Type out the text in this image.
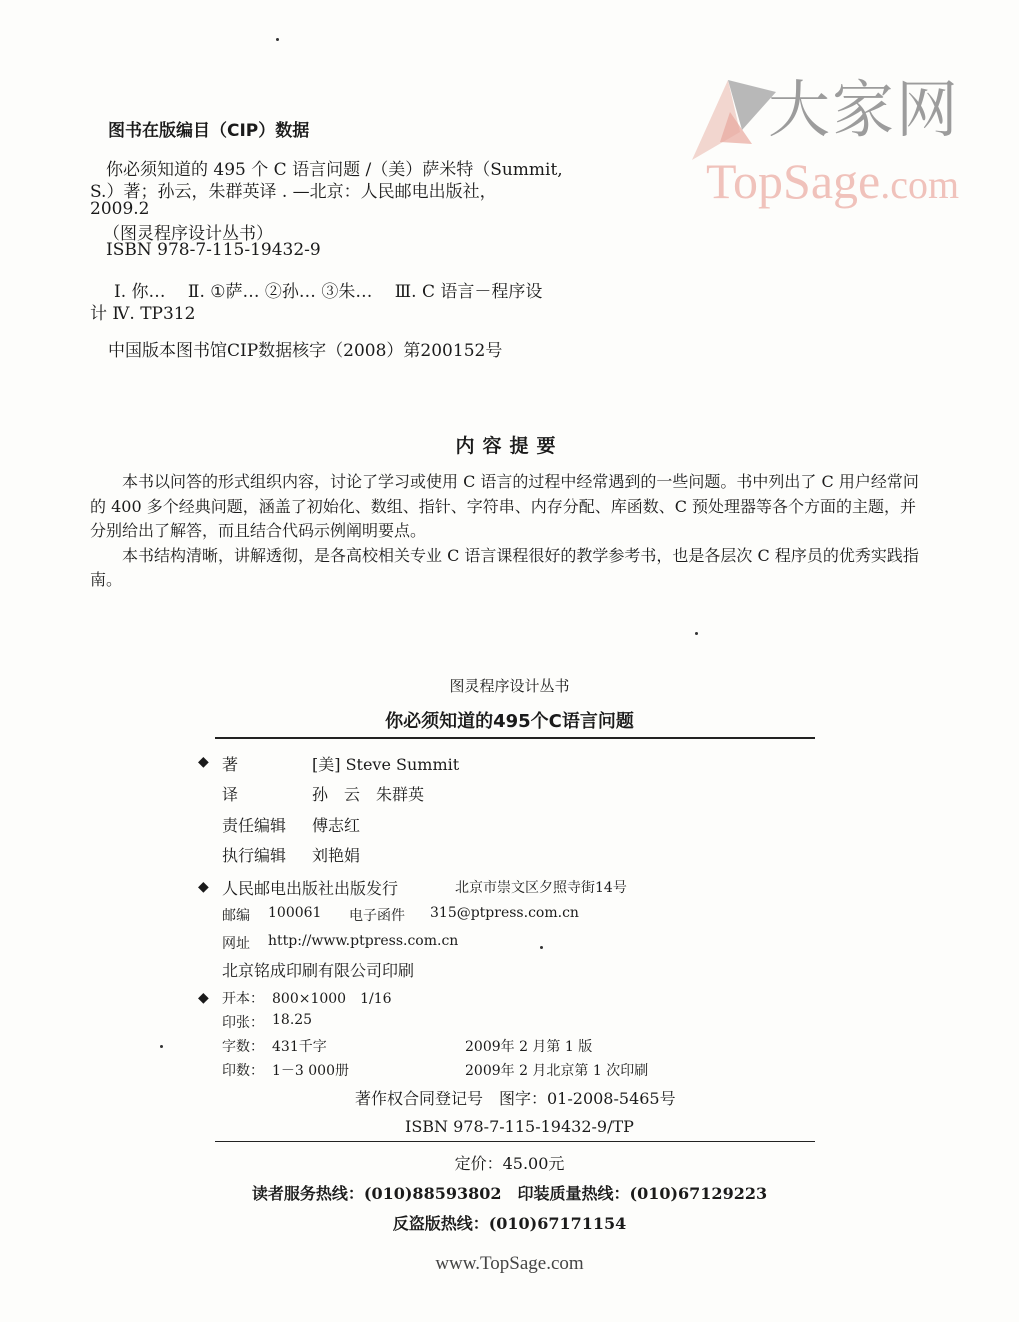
大家网
TopSage.com
图书在版编目（CIP）数据
你必须知道的 495 个 C 语言问题 /（美）萨米特（Summit,
S.）著；孙云，朱群英译 . —北京：人民邮电出版社，
2009.2
（图灵程序设计丛书）
ISBN 978-7-115-19432-9
Ⅰ. 你…　 Ⅱ. ①萨… ②孙… ③朱…　 Ⅲ. C 语言－程序设
计 Ⅳ. TP312
中国版本图书馆CIP数据核字（2008）第200152号
内容提要

本书以问答的形式组织内容，讨论了学习或使用 C 语言的过程中经常遇到的一些问题。书中列出了 C 用户经常问的 400 多个经典问题，涵盖了初始化、数组、指针、字符串、内存分配、库函数、C 预处理器等各个方面的主题，并分别给出了解答，而且结合代码示例阐明要点。

本书结构清晰，讲解透彻，是各高校相关专业 C 语言课程很好的教学参考书，也是各层次 C 程序员的优秀实践指南。

图灵程序设计丛书
你必须知道的495个C语言问题
◆ 著	[美] Steve Summit
译	孙　云　朱群英
责任编辑 傅志红
执行编辑 刘艳娟
◆ 人民邮电出版社出版发行	北京市崇文区夕照寺街14号
邮编 100061 电子函件 315@ptpress.com.cn
网址 http://www.ptpress.com.cn
北京铭成印刷有限公司印刷
◆ 开本： 800×1000　1/16
印张： 18.25
字数： 431千字	2009年 2 月第 1 版
印数： 1－3 000册	2009年 2 月北京第 1 次印刷
著作权合同登记号　图字：01-2008-5465号
ISBN 978-7-115-19432-9/TP
定价：45.00元
读者服务热线：(010)88593802　印装质量热线：(010)67129223
反盗版热线：(010)67171154
www.TopSage.com
